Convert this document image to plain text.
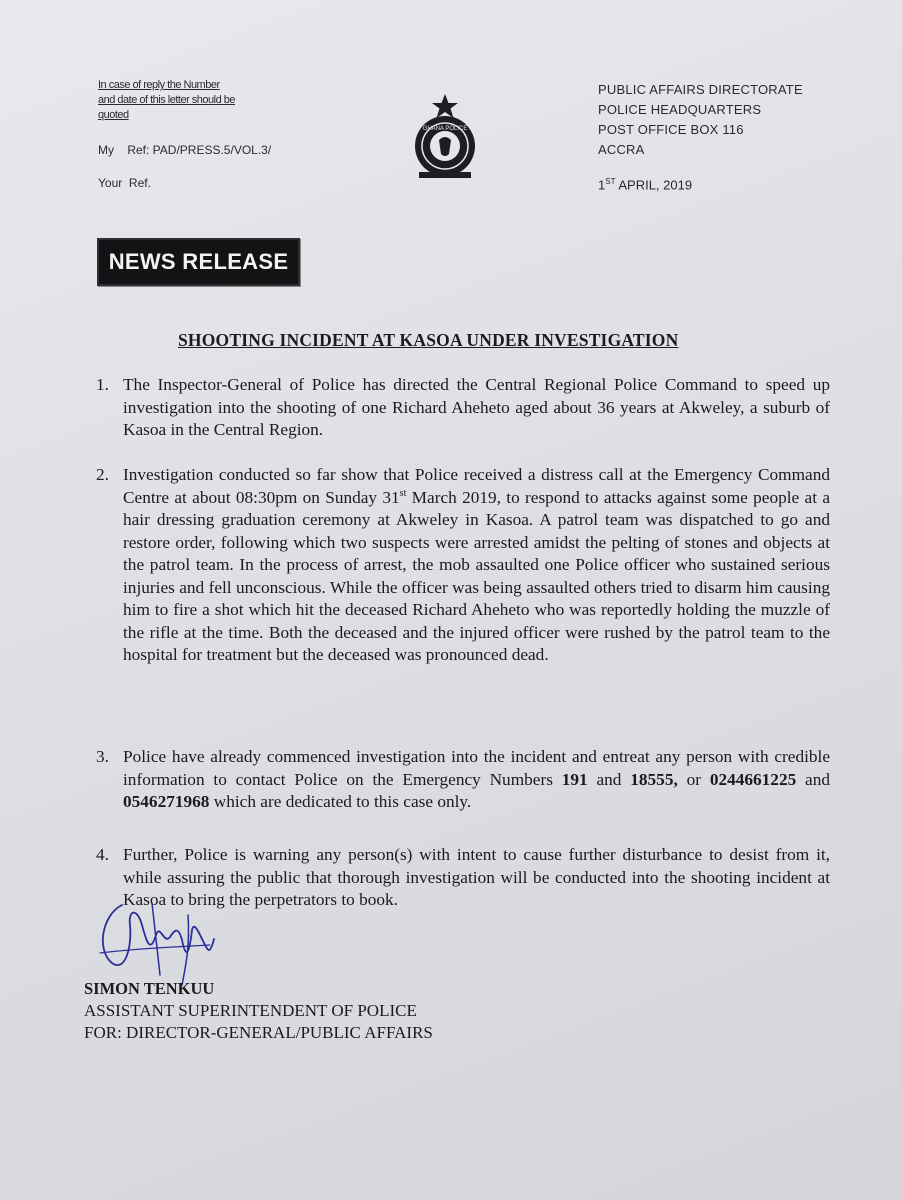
In case of reply the Number and date of this letter should be quoted
My    Ref: PAD/PRESS.5/VOL.3/
Your  Ref.
GHANA POLICE
PUBLIC AFFAIRS DIRECTORATE
POLICE HEADQUARTERS
POST OFFICE BOX 116
ACCRA
1ST APRIL, 2019
NEWS RELEASE
SHOOTING INCIDENT AT KASOA UNDER INVESTIGATION
1. The Inspector-General of Police has directed the Central Regional Police Command to speed up investigation into the shooting of one Richard Aheheto aged about 36 years at Akweley, a suburb of Kasoa in the Central Region.
2. Investigation conducted so far show that Police received a distress call at the Emergency Command Centre at about 08:30pm on Sunday 31st March 2019, to respond to attacks against some people at a hair dressing graduation ceremony at Akweley in Kasoa. A patrol team was dispatched to go and restore order, following which two suspects were arrested amidst the pelting of stones and objects at the patrol team. In the process of arrest, the mob assaulted one Police officer who sustained serious injuries and fell unconscious. While the officer was being assaulted others tried to disarm him causing him to fire a shot which hit the deceased Richard Aheheto who was reportedly holding the muzzle of the rifle at the time. Both the deceased and the injured officer were rushed by the patrol team to the hospital for treatment but the deceased was pronounced dead.
3. Police have already commenced investigation into the incident and entreat any person with credible information to contact Police on the Emergency Numbers 191 and 18555, or 0244661225 and 0546271968 which are dedicated to this case only.
4. Further, Police is warning any person(s) with intent to cause further disturbance to desist from it, while assuring the public that thorough investigation will be conducted into the shooting incident at Kasoa to bring the perpetrators to book.
SIMON TENKUU
ASSISTANT SUPERINTENDENT OF POLICE
FOR: DIRECTOR-GENERAL/PUBLIC AFFAIRS
